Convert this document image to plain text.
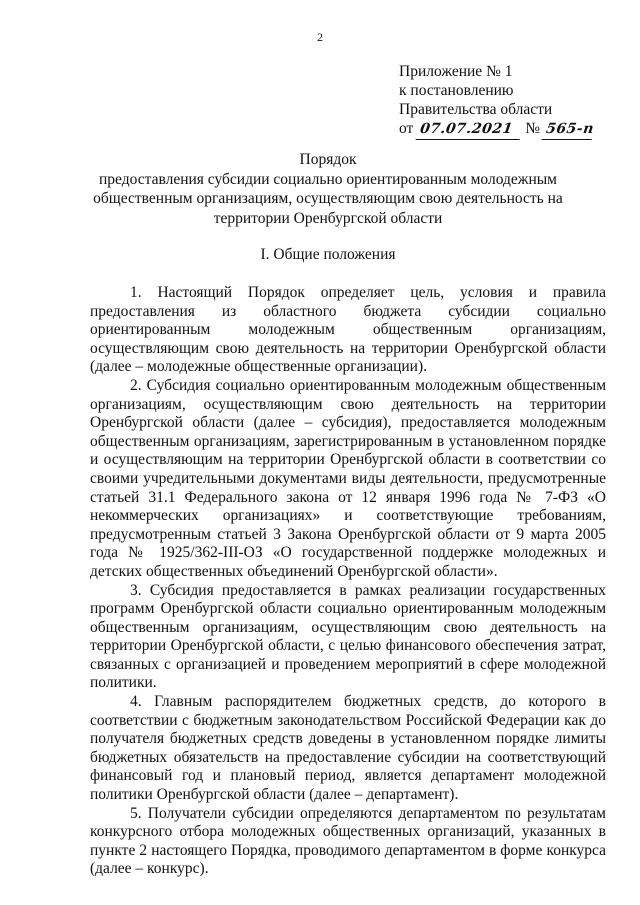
2
Приложение № 1
к постановлению
Правительства области
от 07.07.2021 № 565-п
Порядок
предоставления субсидии социально ориентированным молодежным
общественным организациям, осуществляющим свою деятельность на
территории Оренбургской области
I. Общие положения

1. Настоящий Порядок определяет цель, условия и правила предоставления из областного бюджета субсидии социально ориентированным молодежным общественным организациям, осуществляющим свою деятельность на территории Оренбургской области (далее – молодежные общественные организации).

2. Субсидия социально ориентированным молодежным общественным организациям, осуществляющим свою деятельность на территории Оренбургской области (далее – субсидия), предоставляется молодежным общественным организациям, зарегистрированным в установленном порядке и осуществляющим на территории Оренбургской области в соответствии со своими учредительными документами виды деятельности, предусмотренные статьей 31.1 Федерального закона от 12 января 1996 года № 7-ФЗ «О некоммерческих организациях» и соответствующие требованиям, предусмотренным статьей 3 Закона Оренбургской области от 9 марта 2005 года № 1925/362-III-ОЗ «О государственной поддержке молодежных и детских общественных объединений Оренбургской области».

3. Субсидия предоставляется в рамках реализации государственных программ Оренбургской области социально ориентированным молодежным общественным организациям, осуществляющим свою деятельность на территории Оренбургской области, с целью финансового обеспечения затрат, связанных с организацией и проведением мероприятий в сфере молодежной политики.

4. Главным распорядителем бюджетных средств, до которого в соответствии с бюджетным законодательством Российской Федерации как до получателя бюджетных средств доведены в установленном порядке лимиты бюджетных обязательств на предоставление субсидии на соответствующий финансовый год и плановый период, является департамент молодежной политики Оренбургской области (далее – департамент).

5. Получатели субсидии определяются департаментом по результатам конкурсного отбора молодежных общественных организаций, указанных в пункте 2 настоящего Порядка, проводимого департаментом в форме конкурса (далее – конкурс).
